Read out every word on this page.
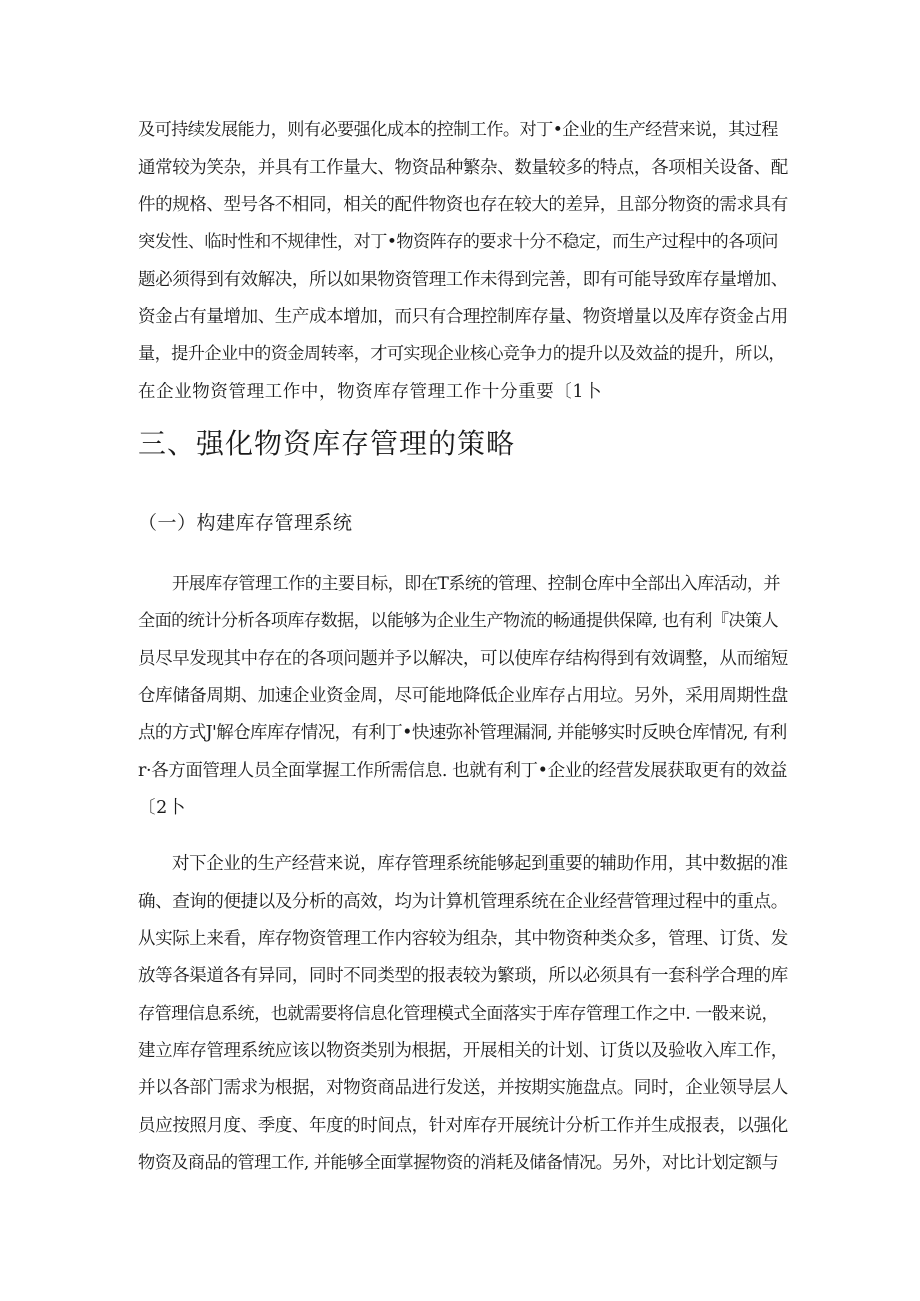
及可持续发展能力，则有必要强化成本的控制工作。对丁•企业的生产经营来说，其过程
通常较为笑杂，并具有工作量大、物资品种繁杂、数量较多的特点，各项相关设备、配
件的规格、型号各不相同，相关的配件物资也存在较大的差异，且部分物资的需求具有
突发性、临时性和不规律性，对丁•物资阵存的要求十分不稳定，而生产过程中的各项问
题必须得到有效解决，所以如果物资管理工作未得到完善，即有可能导致库存量增加、
资金占有量增加、生产成本增加，而只有合理控制库存量、物资增量以及库存资金占用
量，提升企业中的资金周转率，才可实现企业核心竞争力的提升以及效益的提升，所以，
在企业物资管理工作中，物资库存管理工作十分重要〔1卜
三、强化物资库存管理的策略
（一）构建库存管理系统
开展库存管理工作的主要目标，即在T系统的管理、控制仓库中全部出入库活动，并
全面的统计分析各项库存数据，以能够为企业生产物流的畅通提供保障, 也有利『决策人
员尽早发现其中存在的各项问题并予以解决，可以使库存结构得到有效调整，从而缩短
仓库储备周期、加速企业资金周，尽可能地降低企业库存占用垃。另外，采用周期性盘
点的方式J'解仓库库存情况，有利丁•快速弥补管理漏洞, 并能够实时反映仓库情况, 有利
r·各方面管理人员全面掌握工作所需信息. 也就有利丁•企业的经营发展获取更有的效益
〔2卜
对下企业的生产经营来说，库存管理系统能够起到重要的辅助作用，其中数据的准
确、查询的便捷以及分析的高效，均为计算机管理系统在企业经营管理过程中的重点。
从实际上来看，库存物资管理工作内容较为组杂，其中物资种类众多，管理、订货、发
放等各渠道各有异同，同时不同类型的报表较为繁琐，所以必须具有一套科学合理的库
存管理信息系统，也就需要将信息化管理模式全面落实于库存管理工作之中. 一骰来说，
建立库存管理系统应该以物资类别为根据，开展相关的计划、订货以及验收入库工作，
并以各部门需求为根据，对物资商品进行发送，并按期实施盘点。同时，企业领导层人
员应按照月度、季度、年度的时间点，针对库存开展统计分析工作并生成报表，以强化
物资及商品的管理工作, 并能够全面掌握物资的消耗及储备情况。另外，对比计划定额与
